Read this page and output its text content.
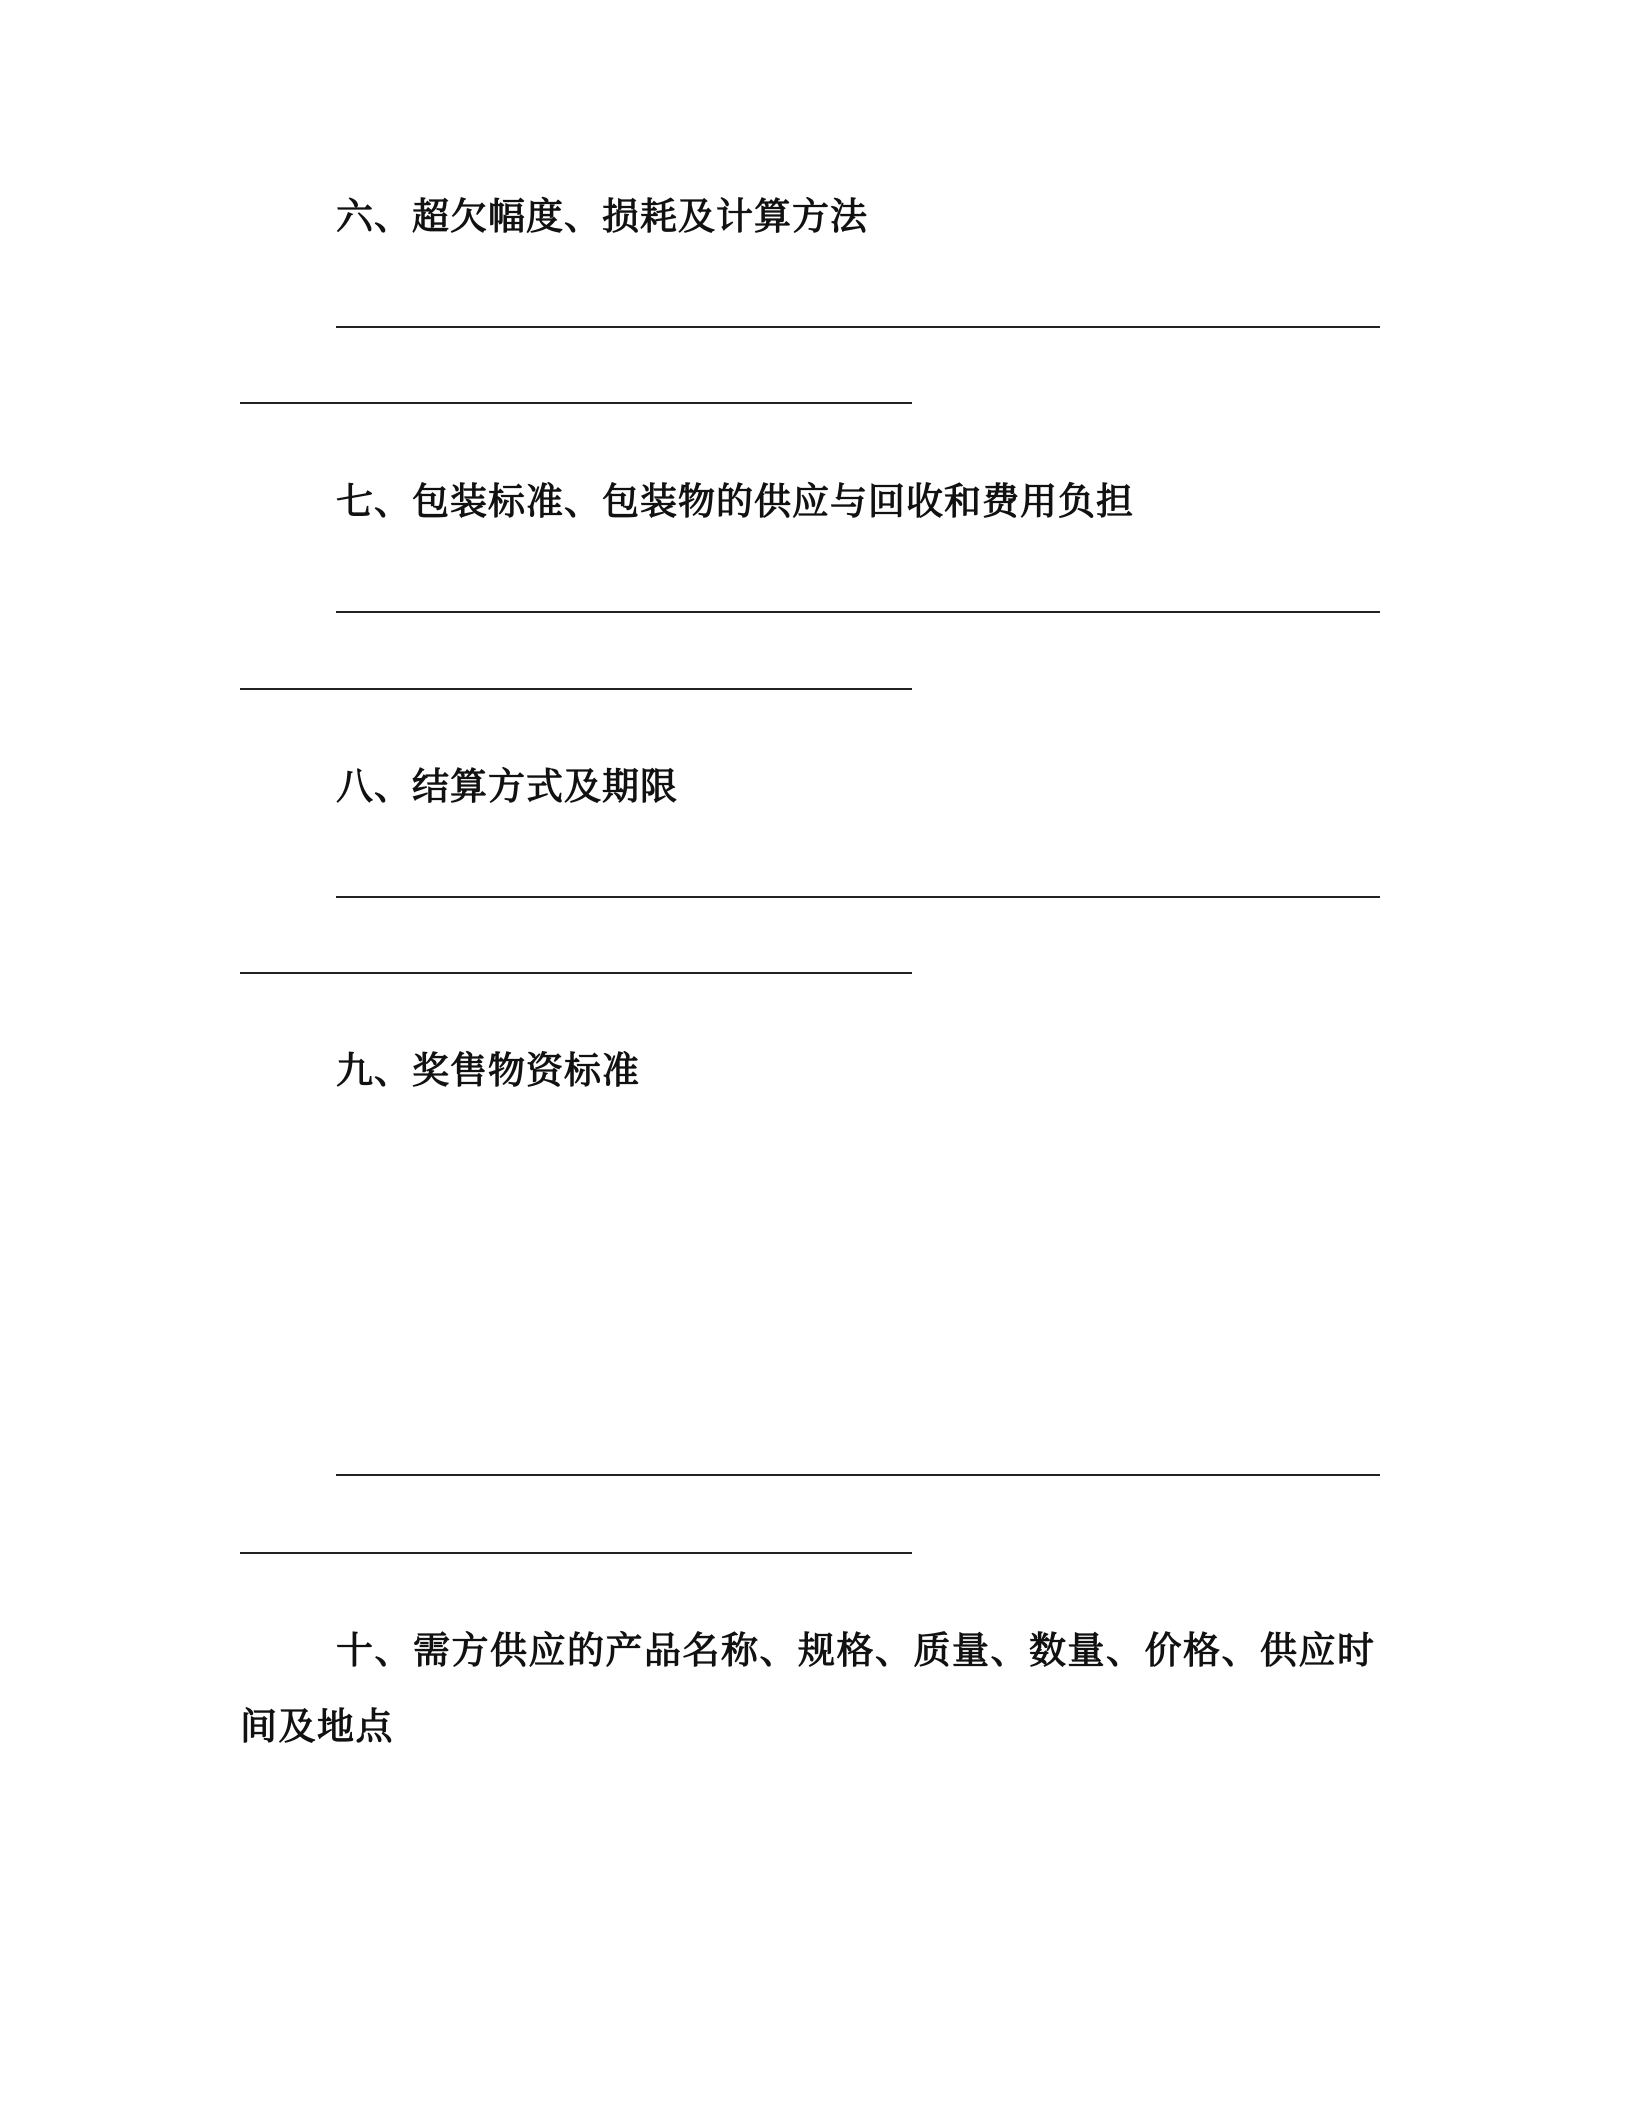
六、超欠幅度、损耗及计算方法
七、包装标准、包装物的供应与回收和费用负担
八、结算方式及期限
九、奖售物资标准
十、需方供应的产品名称、规格、质量、数量、价格、供应时间及地点
